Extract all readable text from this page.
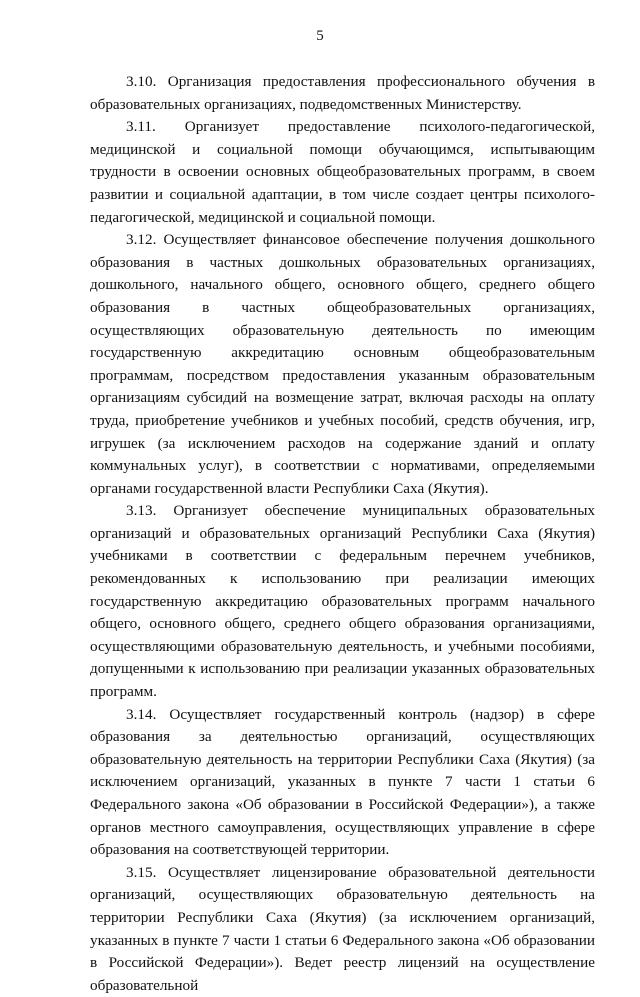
5

3.10. Организация предоставления профессионального обучения в образовательных организациях, подведомственных Министерству.

3.11. Организует предоставление психолого-педагогической, медицинской и социальной помощи обучающимся, испытывающим трудности в освоении основных общеобразовательных программ, в своем развитии и социальной адаптации, в том числе создает центры психолого-педагогической, медицинской и социальной помощи.

3.12. Осуществляет финансовое обеспечение получения дошкольного образования в частных дошкольных образовательных организациях, дошкольного, начального общего, основного общего, среднего общего образования в частных общеобразовательных организациях, осуществляющих образовательную деятельность по имеющим государственную аккредитацию основным общеобразовательным программам, посредством предоставления указанным образовательным организациям субсидий на возмещение затрат, включая расходы на оплату труда, приобретение учебников и учебных пособий, средств обучения, игр, игрушек (за исключением расходов на содержание зданий и оплату коммунальных услуг), в соответствии с нормативами, определяемыми органами государственной власти Республики Саха (Якутия).

3.13. Организует обеспечение муниципальных образовательных организаций и образовательных организаций Республики Саха (Якутия) учебниками в соответствии с федеральным перечнем учебников, рекомендованных к использованию при реализации имеющих государственную аккредитацию образовательных программ начального общего, основного общего, среднего общего образования организациями, осуществляющими образовательную деятельность, и учебными пособиями, допущенными к использованию при реализации указанных образовательных программ.

3.14. Осуществляет государственный контроль (надзор) в сфере образования за деятельностью организаций, осуществляющих образовательную деятельность на территории Республики Саха (Якутия) (за исключением организаций, указанных в пункте 7 части 1 статьи 6 Федерального закона «Об образовании в Российской Федерации»), а также органов местного самоуправления, осуществляющих управление в сфере образования на соответствующей территории.

3.15. Осуществляет лицензирование образовательной деятельности организаций, осуществляющих образовательную деятельность на территории Республики Саха (Якутия) (за исключением организаций, указанных в пункте 7 части 1 статьи 6 Федерального закона «Об образовании в Российской Федерации»). Ведет реестр лицензий на осуществление образовательной
